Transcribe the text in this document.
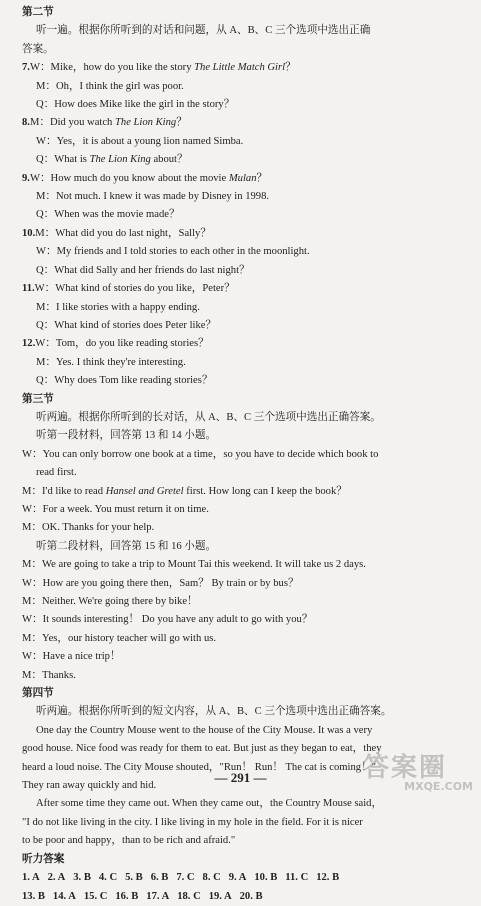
第二节
听一遍。根据你所听到的对话和问题，从 A、B、C 三个选项中选出正确
答案。
7.W：Mike，how do you like the story The Little Match Girl？
M：Oh，I think the girl was poor.
Q：How does Mike like the girl in the story？
8.M：Did you watch The Lion King？
W：Yes，it is about a young lion named Simba.
Q：What is The Lion King about？
9.W：How much do you know about the movie Mulan？
M：Not much. I knew it was made by Disney in 1998.
Q：When was the movie made？
10.M：What did you do last night，Sally？
W：My friends and I told stories to each other in the moonlight.
Q：What did Sally and her friends do last night？
11.W：What kind of stories do you like，Peter？
M：I like stories with a happy ending.
Q：What kind of stories does Peter like？
12.W：Tom，do you like reading stories？
M：Yes. I think they're interesting.
Q：Why does Tom like reading stories？
第三节
听两遍。根据你所听到的长对话，从 A、B、C 三个选项中选出正确答案。
听第一段材料，回答第 13 和 14 小题。
W：You can only borrow one book at a time，so you have to decide which book to
read first.
M：I'd like to read Hansel and Gretel first. How long can I keep the book？
W：For a week. You must return it on time.
M：OK. Thanks for your help.
听第二段材料，回答第 15 和 16 小题。
M：We are going to take a trip to Mount Tai this weekend. It will take us 2 days.
W：How are you going there then，Sam？ By train or by bus？
M：Neither. We're going there by bike！
W：It sounds interesting！ Do you have any adult to go with you？
M：Yes，our history teacher will go with us.
W：Have a nice trip！
M：Thanks.
第四节
听两遍。根据你所听到的短文内容，从 A、B、C 三个选项中选出正确答案。
One day the Country Mouse went to the house of the City Mouse. It was a very
good house. Nice food was ready for them to eat. But just as they began to eat，they
heard a loud noise. The City Mouse shouted，"Run！ Run！ The cat is coming！"
They ran away quickly and hid.
After some time they came out. When they came out，the Country Mouse said，
"I do not like living in the city. I like living in my hole in the field. For it is nicer
to be poor and happy，than to be rich and afraid."
听力答案
1. A 2. A 3. B 4. C 5. B 6. B 7. C 8. C 9. A 10. B 11. C 12. B
13. B 14. A 15. C 16. B 17. A 18. C 19. A 20. B
— 291 —	答案圈
MXQE.COM
